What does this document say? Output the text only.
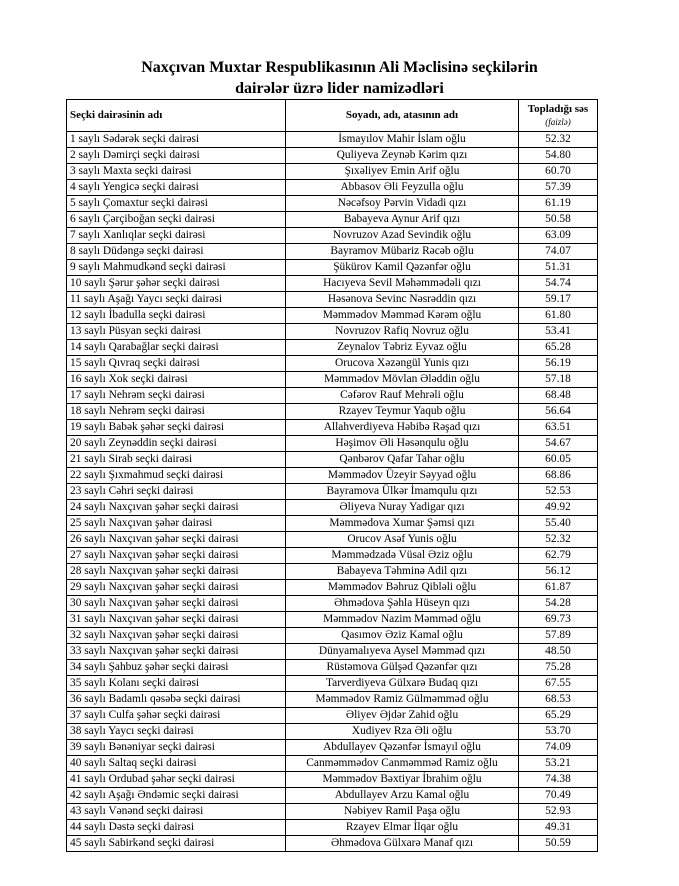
Naxçıvan Muxtar Respublikasının Ali Məclisinə seçkilərin
dairələr üzrə lider namizədləri
Seçki dairəsinin adı	Soyadı, adı, atasının adı	Topladığı səs
(faizlə)

1 saylı Sədərək seçki dairəsi	İsmayılov Mahir İslam oğlu	52.32
2 saylı Dəmirçi seçki dairəsi	Quliyeva Zeynəb Kərim qızı	54.80
3 saylı Maxta seçki dairəsi	Şıxəliyev Emin Arif oğlu	60.70
4 saylı Yengicə seçki dairəsi	Abbasov Əli Feyzulla oğlu	57.39
5 saylı Çomaxtur seçki dairəsi	Nəcəfsoy Pərvin Vidadi qızı	61.19
6 saylı Çərçiboğan seçki dairəsi	Babayeva Aynur Arif qızı	50.58
7 saylı Xanlıqlar seçki dairəsi	Novruzov Azad Sevindik oğlu	63.09
8 saylı Düdəngə seçki dairəsi	Bayramov Mübariz Rəcəb oğlu	74.07
9 saylı Mahmudkənd seçki dairəsi	Şükürov Kamil Qəzənfər oğlu	51.31
10 saylı Şərur şəhər seçki dairəsi	Hacıyeva Sevil Məhəmmədəli qızı	54.74
11 saylı Aşağı Yaycı seçki dairəsi	Həsənova Sevinc Nəsrəddin qızı	59.17
12 saylı İbadulla seçki dairəsi	Məmmədov Məmməd Kərəm oğlu	61.80
13 saylı Püsyan seçki dairəsi	Novruzov Rafiq Novruz oğlu	53.41
14 saylı Qarabağlar seçki dairəsi	Zeynalov Təbriz Eyvaz oğlu	65.28
15 saylı Qıvraq seçki dairəsi	Orucova Xəzəngül Yunis qızı	56.19
16 saylı Xok seçki dairəsi	Məmmədov Mövlan Ələddin oğlu	57.18
17 saylı Nehrəm seçki dairəsi	Cəfərov Rauf Mehrəli oğlu	68.48
18 saylı Nehrəm seçki dairəsi	Rzayev Teymur Yaqub oğlu	56.64
19 saylı Babək şəhər seçki dairəsi	Allahverdiyeva Həbibə Rəşad qızı	63.51
20 saylı Zeynəddin seçki dairəsi	Həşimov Əli Həsənqulu oğlu	54.67
21 saylı Sirab seçki dairəsi	Qənbərov Qafar Tahar oğlu	60.05
22 saylı Şıxmahmud seçki dairəsi	Məmmədov Üzeyir Səyyad oğlu	68.86
23 saylı Cəhri seçki dairəsi	Bayramova Ülkər İmamqulu qızı	52.53
24 saylı Naxçıvan şəhər seçki dairəsi	Əliyeva Nuray Yadigar qızı	49.92
25 saylı Naxçıvan şəhər dairəsi	Məmmədova Xumar Şəmsi qızı	55.40
26 saylı Naxçıvan şəhər seçki dairəsi	Orucov Asəf Yunis oğlu	52.32
27 saylı Naxçıvan şəhər seçki dairəsi	Məmmədzadə Vüsal Əziz oğlu	62.79
28 saylı Naxçıvan şəhər seçki dairəsi	Babayeva Təhminə Adil qızı	56.12
29 saylı Naxçıvan şəhər seçki dairəsi	Məmmədov Bəhruz Qibləli oğlu	61.87
30 saylı Naxçıvan şəhər seçki dairəsi	Əhmədova Şəhla Hüseyn qızı	54.28
31 saylı Naxçıvan şəhər seçki dairəsi	Məmmədov Nazim Məmməd oğlu	69.73
32 saylı Naxçıvan şəhər seçki dairəsi	Qasımov Əziz Kamal oğlu	57.89
33 saylı Naxçıvan şəhər seçki dairəsi	Dünyamalıyeva Aysel Məmməd qızı	48.50
34 saylı Şahbuz şəhər seçki dairəsi	Rüstəmova Gülşəd Qəzənfər qızı	75.28
35 saylı Kolanı seçki dairəsi	Tarverdiyeva Gülxarə Budaq qızı	67.55
36 saylı Badamlı qəsəbə seçki dairəsi	Məmmədov Ramiz Gülməmməd oğlu	68.53
37 saylı Culfa şəhər seçki dairəsi	Əliyev Əjdər Zahid oğlu	65.29
38 saylı Yaycı seçki dairəsi	Xudiyev Rza Əli oğlu	53.70
39 saylı Bənəniyar seçki dairəsi	Abdullayev Qəzənfər İsmayıl oğlu	74.09
40 saylı Saltaq seçki dairəsi	Canməmmədov Canməmməd Ramiz oğlu	53.21
41 saylı Ordubad şəhər seçki dairəsi	Məmmədov Bəxtiyar İbrahim oğlu	74.38
42 saylı Aşağı Əndəmic seçki dairəsi	Abdullayev Arzu Kamal oğlu	70.49
43 saylı Vənənd seçki dairəsi	Nəbiyev Ramil Paşa oğlu	52.93
44 saylı Dəstə seçki dairəsi	Rzayev Elmar İlqar oğlu	49.31
45 saylı Sabirkənd seçki dairəsi	Əhmədova Gülxarə Manaf qızı	50.59
